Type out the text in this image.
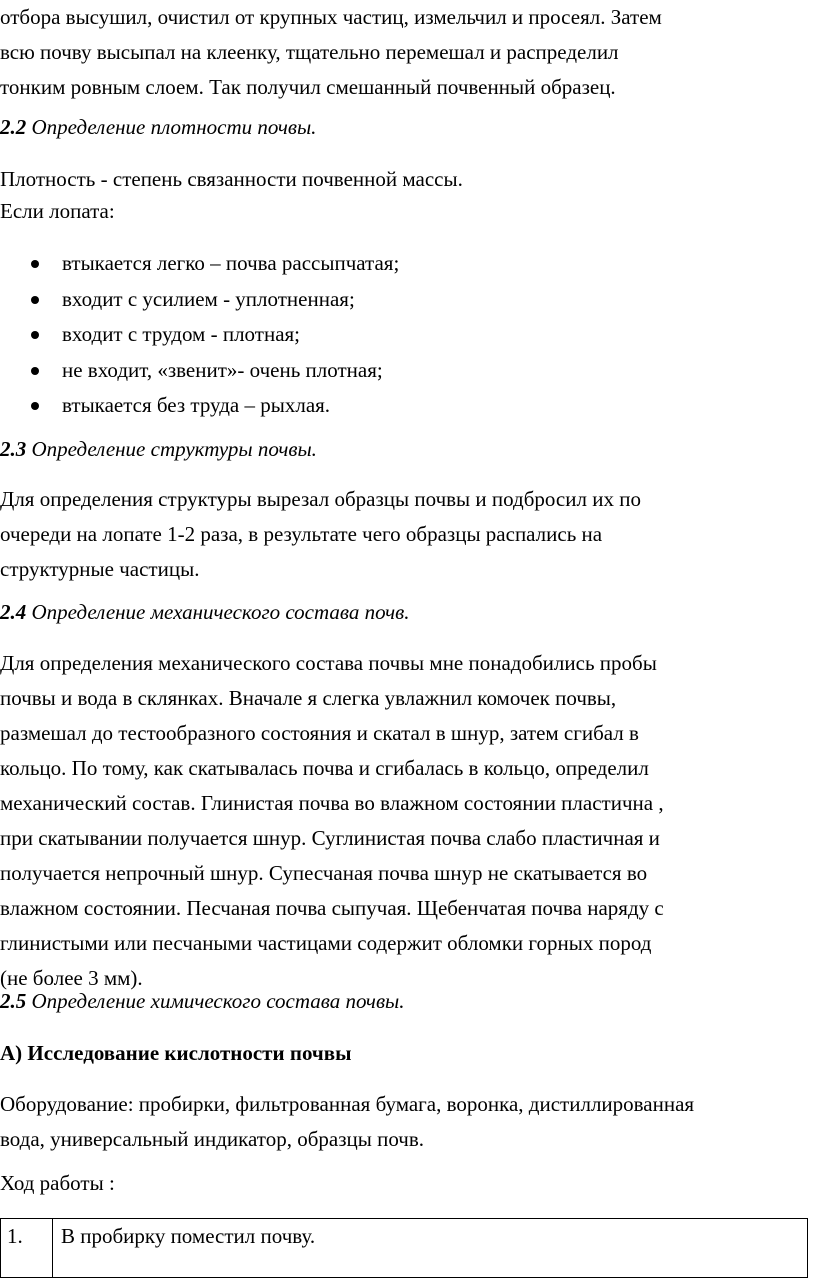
отбора высушил, очистил от крупных частиц, измельчил и просеял. Затем
всю почву высыпал на клеенку, тщательно перемешал и распределил
тонким ровным слоем. Так получил смешанный почвенный образец.
2.2 Определение плотности почвы.
Плотность - степень связанности почвенной массы.
Если лопата:
втыкается легко – почва рассыпчатая;
входит с усилием - уплотненная;
входит с трудом - плотная;
не входит, «звенит»- очень плотная;
втыкается без труда – рыхлая.
2.3 Определение структуры почвы.
Для определения структуры вырезал образцы почвы и подбросил их по
очереди на лопате 1-2 раза, в результате чего образцы распались на
структурные частицы.
2.4 Определение механического состава почв.
Для определения механического состава почвы мне понадобились пробы
почвы и вода в склянках. Вначале я слегка увлажнил комочек почвы,
размешал до тестообразного состояния и скатал в шнур, затем сгибал в
кольцо. По тому, как скатывалась почва и сгибалась в кольцо, определил
механический состав. Глинистая почва во влажном состоянии пластична ,
при скатывании получается шнур. Суглинистая почва слабо пластичная и
получается непрочный шнур. Супесчаная почва шнур не скатывается во
влажном состоянии. Песчаная почва сыпучая. Щебенчатая почва наряду с
глинистыми или песчаными частицами содержит обломки горных пород
(не более 3 мм).
2.5 Определение химического состава почвы.
А) Исследование кислотности почвы
Оборудование: пробирки, фильтрованная бумага, воронка, дистиллированная
вода, универсальный индикатор, образцы почв.
Ход работы :
1.	В пробирку поместил почву.
